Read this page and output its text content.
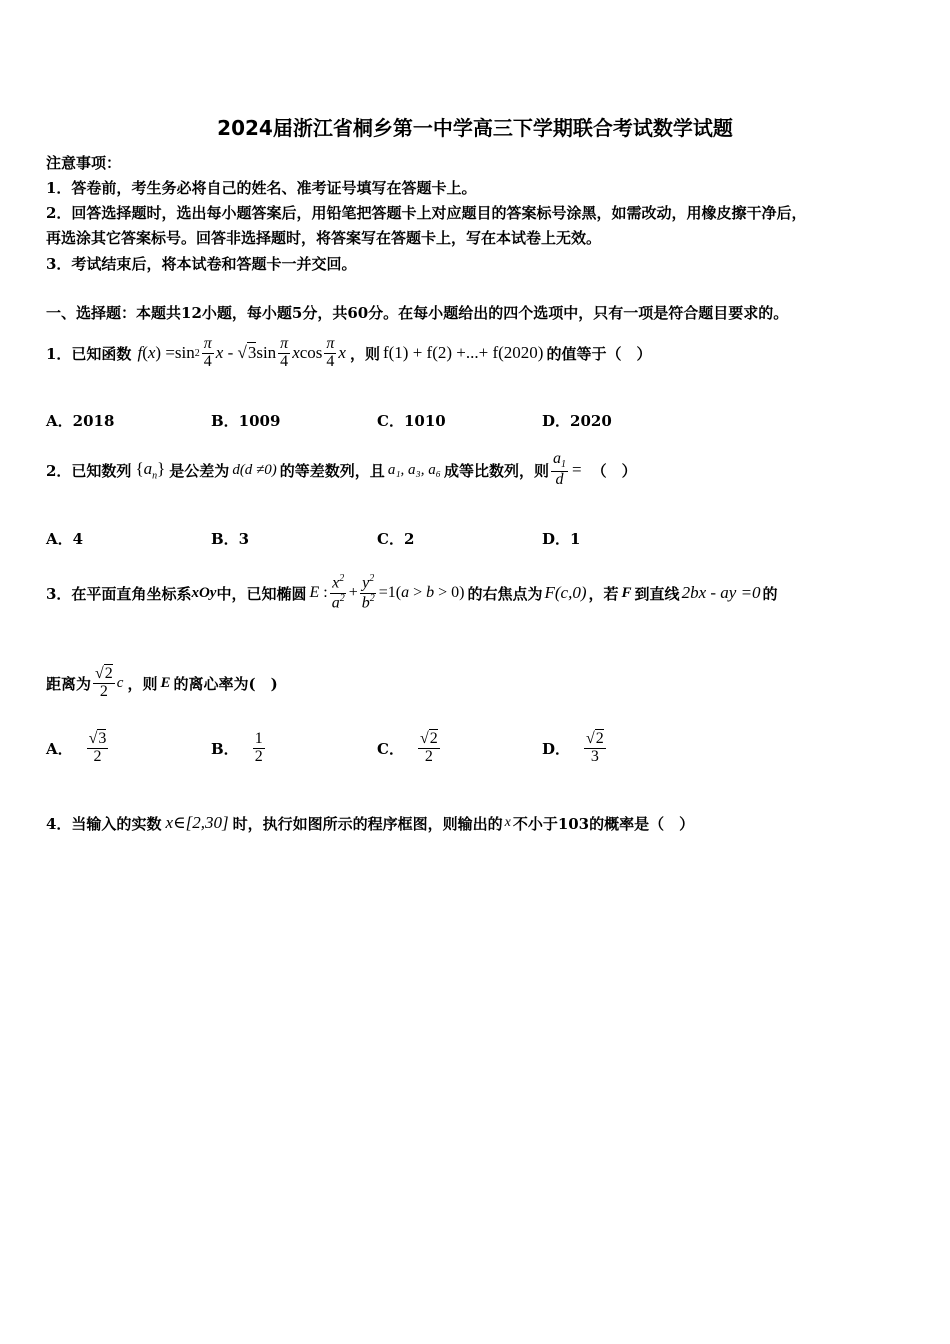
2024届浙江省桐乡第一中学高三下学期联合考试数学试题
注意事项：
1．答卷前，考生务必将自己的姓名、准考证号填写在答题卡上。
2．回答选择题时，选出每小题答案后，用铅笔把答题卡上对应题目的答案标号涂黑，如需改动，用橡皮擦干净后，
再选涂其它答案标号。回答非选择题时，将答案写在答题卡上，写在本试卷上无效。
3．考试结束后，将本试卷和答题卡一并交回。
一、选择题：本题共12小题，每小题5分，共60分。在每小题给出的四个选项中，只有一项是符合题目要求的。
1．已知函数 f ( x ) =sin $2 \frac{\pi}{4}$ x - √3 $\sin \frac{\pi}{4}$ x $\cos \frac{\pi}{4}$ x ，则 f(1) + f(2) +...+ f(2020) 的值等于（　）
A．2018	B．1009	C．1010	D．2020
2．已知数列 $\{a_n\}$ 是公差为 d(d ≠0) 的等差数列，且 a₁, a₃, a₆ 成等比数列，则 $\frac{a_1}{d}$ = （　）
A．4	B．3	C．2	D．1
3．在平面直角坐标系 xOy 中，已知椭圆 E : $\frac{x^2}{a^2} + \frac{y^2}{b^2} =1$( a > b > 0) 的右焦点为 F(c,0) ，若 F 到直线 2bx - ay =0 的
距离为 $\frac{√2}{2}$ c ，则 E 的离心率为(　)
A． $\frac{√3}{2}$	B． $\frac{1}{2}$	C． $\frac{√2}{2}$	D． $\frac{√2}{3}$
4．当输入的实数 x∈[2,30] 时，执行如图所示的程序框图，则输出的 x 不小于103的概率是（　）
